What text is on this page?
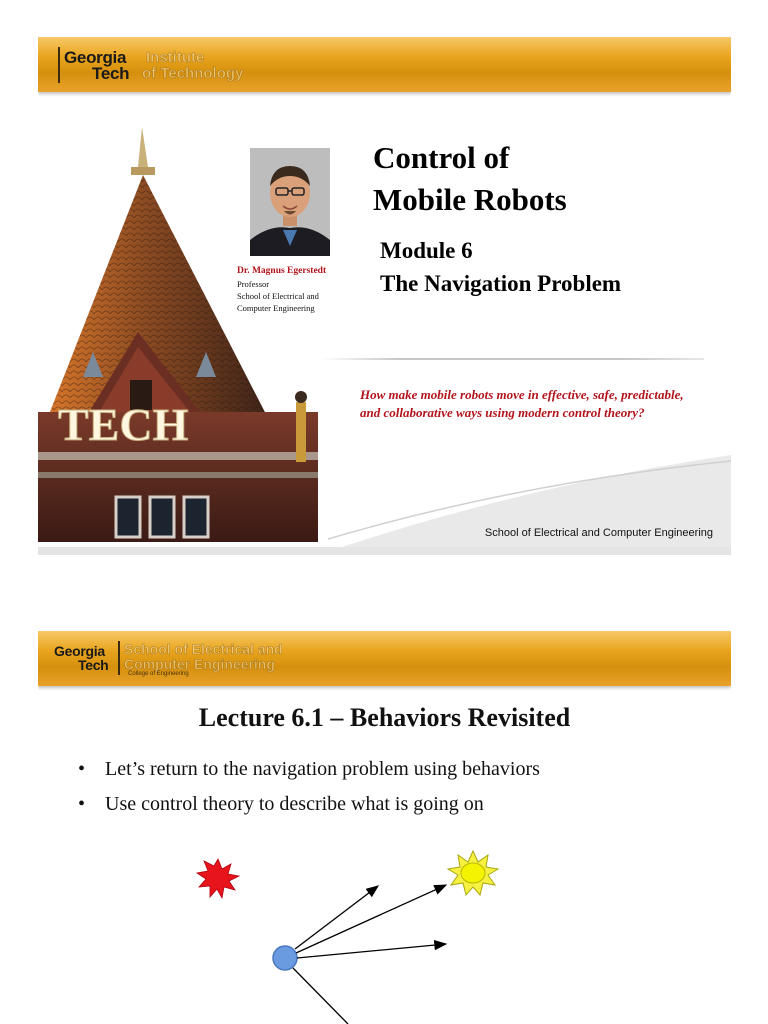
Georgia
Tech
Institute
of Technology
TECH
Control of
Mobile Robots
Module 6
The Navigation Problem
Dr. Magnus Egerstedt
Professor
School of Electrical and
Computer Engineering
How make mobile robots move in effective, safe, predictable, and collaborative ways using modern control theory?
School of Electrical and Computer Engineering
Georgia
Tech
School of Electrical and
Computer Engineering
College of Engineering
Lecture 6.1 – Behaviors Revisited
• Let’s return to the navigation problem using behaviors
• Use control theory to describe what is going on
